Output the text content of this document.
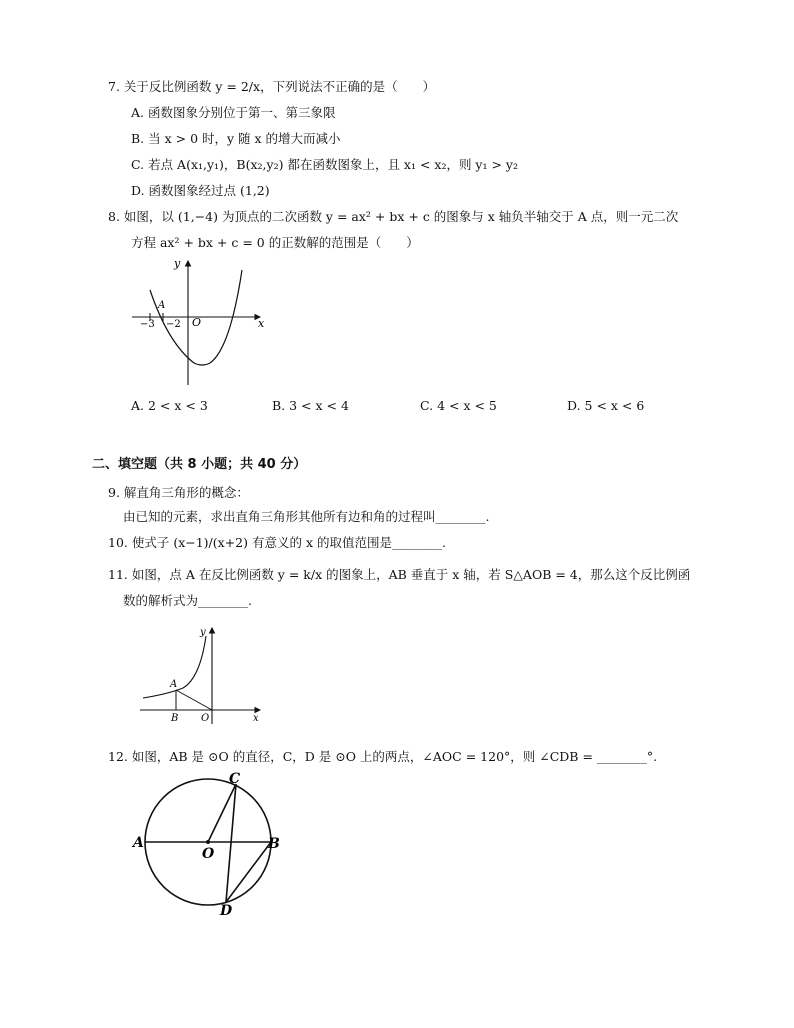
7. 关于反比例函数 y = 2/x，下列说法不正确的是（　　）
A. 函数图象分别位于第一、第三象限
B. 当 x > 0 时，y 随 x 的增大而减小
C. 若点 A(x₁,y₁)，B(x₂,y₂) 都在函数图象上，且 x₁ < x₂，则 y₁ > y₂
D. 函数图象经过点 (1,2)
8. 如图，以 (1,−4) 为顶点的二次函数 y = ax² + bx + c 的图象与 x 轴负半轴交于 A 点，则一元二次
方程 ax² + bx + c = 0 的正数解的范围是（　　）
y
x
O
A
−3 −2
A. 2 < x < 3	B. 3 < x < 4	C. 4 < x < 5	D. 5 < x < 6
二、填空题（共 8 小题；共 40 分）
9. 解直角三角形的概念：
由已知的元素，求出直角三角形其他所有边和角的过程叫________.
10. 使式子 (x−1)/(x+2) 有意义的 x 的取值范围是________.
11. 如图，点 A 在反比例函数 y = k/x 的图象上，AB 垂直于 x 轴，若 S△AOB = 4，那么这个反比例函
数的解析式为________.
y
x
O
A
B
12. 如图，AB 是 ⊙O 的直径，C，D 是 ⊙O 上的两点，∠AOC = 120°，则 ∠CDB = ________°.
A	B
C
D
O
